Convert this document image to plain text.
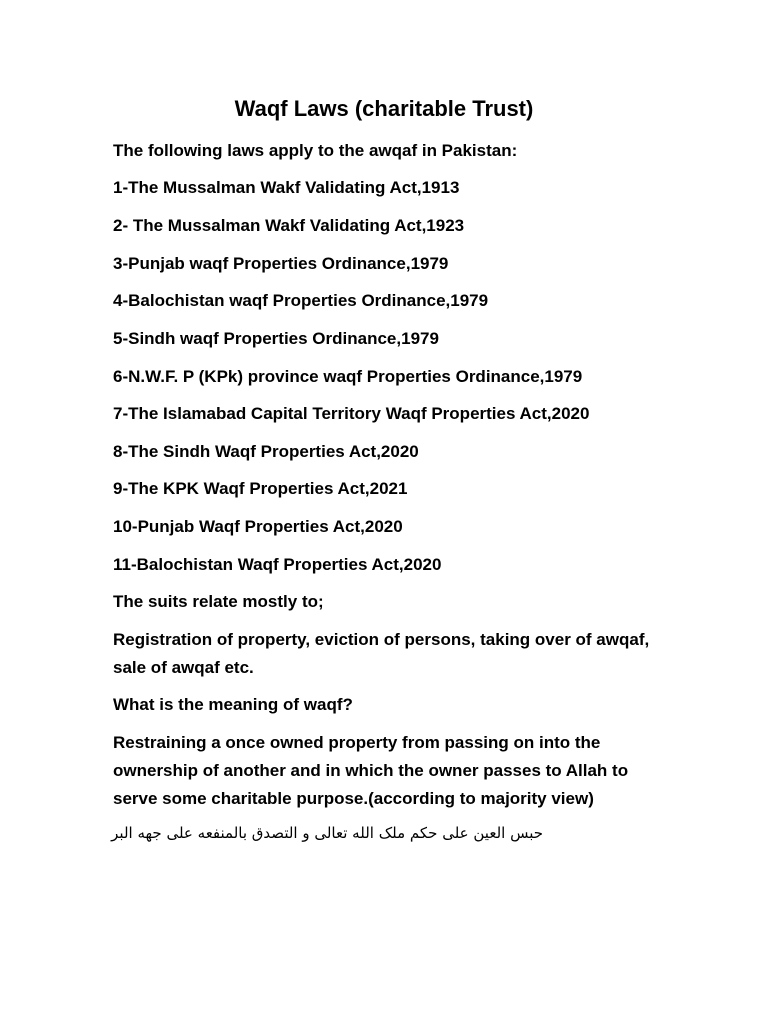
Waqf Laws (charitable Trust)

The following laws apply to the awqaf in Pakistan:

1-The Mussalman Wakf Validating Act,1913

2- The Mussalman Wakf Validating Act,1923

3-Punjab waqf Properties Ordinance,1979

4-Balochistan waqf Properties Ordinance,1979

5-Sindh waqf Properties Ordinance,1979

6-N.W.F. P (KPk) province waqf Properties Ordinance,1979

7-The Islamabad Capital Territory Waqf Properties Act,2020

8-The Sindh Waqf Properties Act,2020

9-The KPK Waqf Properties Act,2021

10-Punjab Waqf Properties Act,2020

11-Balochistan Waqf Properties Act,2020

The suits relate mostly to;

Registration of property, eviction of persons, taking over of awqaf, sale of awqaf etc.

What is the meaning of waqf?

Restraining a once owned property from passing on into the ownership of another and in which the owner passes to Allah to serve some charitable purpose.(according to majority view)

حبس العين على حكم ملک الله تعالى و التصدق بالمنفعه على جهه البر
